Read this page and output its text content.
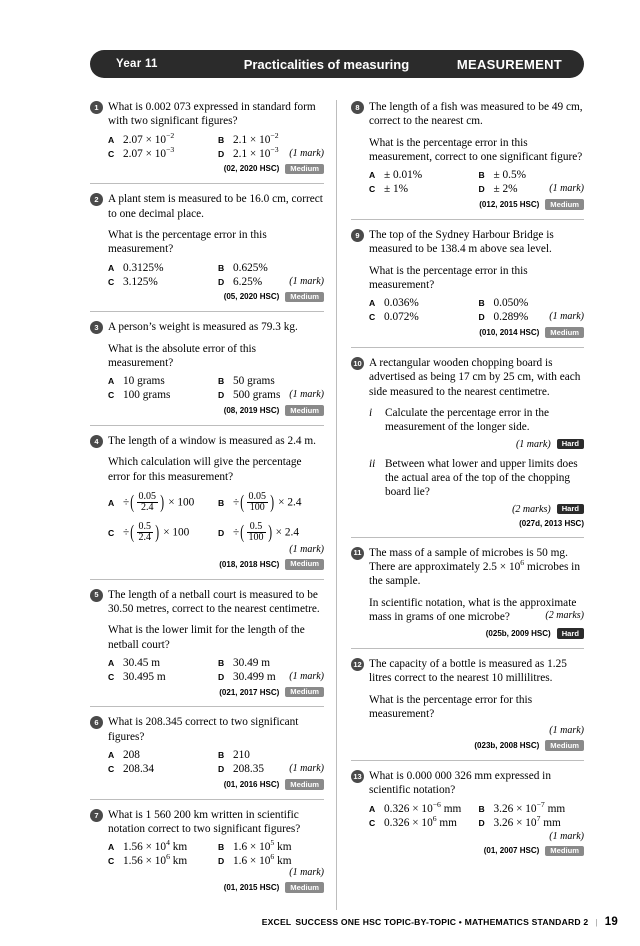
Year 11	Practicalities of measuring	MEASUREMENT
1 What is 0.002 073 expressed in standard form with two significant figures?
A $2.07 \times 10^{-2}$	B $2.1 \times 10^{-2}$
C $2.07 \times 10^{-3}$	D $2.1 \times 10^{-3}$ (1 mark)
(02, 2020 HSC)	Medium
2 A plant stem is measured to be 16.0 cm, correct to one decimal place.
What is the percentage error in this measurement?
A 0.3125%	B 0.625%
C 3.125%	D 6.25%	(1 mark)
(05, 2020 HSC)	Medium
3 A person’s weight is measured as 79.3 kg.
What is the absolute error of this measurement?
A 10 grams	B 50 grams
C 100 grams	D 500 grams (1 mark)
(08, 2019 HSC)	Medium
4 The length of a window is measured as 2.4 m.
Which calculation will give the percentage error for this measurement?
A ÷( $\frac{0.05}{2.4}$ ) × 100	B ÷( $\frac{0.05}{100}$ ) × 2.4
C ÷( $\frac{0.5}{2.4}$ ) × 100	D ÷( $\frac{0.5}{100}$ ) × 2.4
(1 mark)
(018, 2018 HSC)	Medium
5 The length of a netball court is measured to be 30.50 metres, correct to the nearest centimetre.
What is the lower limit for the length of the netball court?
A 30.45 m	B 30.49 m
C 30.495 m	D 30.499 m (1 mark)
(021, 2017 HSC)	Medium
6 What is 208.345 correct to two significant figures?
A 208	B 210
C 208.34	D 208.35	(1 mark)
(01, 2016 HSC)	Medium
7 What is 1 560 200 km written in scientific notation correct to two significant figures?
A $1.56 \times 10^4$ km	B $1.6 \times 10^5$ km
C $1.56 \times 10^6$ km	D $1.6 \times 10^6$ km
(1 mark)
(01, 2015 HSC)	Medium
8 The length of a fish was measured to be 49 cm, correct to the nearest cm.
What is the percentage error in this measurement, correct to one significant figure?
A ± 0.01%	B ± 0.5%
C ± 1%	D ± 2%	(1 mark)
(012, 2015 HSC)	Medium
9 The top of the Sydney Harbour Bridge is measured to be 138.4 m above sea level.
What is the percentage error in this measurement?
A 0.036%	B 0.050%
C 0.072%	D 0.289% (1 mark)
(010, 2014 HSC)	Medium
10 A rectangular wooden chopping board is advertised as being 17 cm by 25 cm, with each side measured to the nearest centimetre.
i	Calculate the percentage error in the measurement of the longer side.
(1 mark)	Hard
ii Between what lower and upper limits does the actual area of the top of the chopping board lie?
(2 marks)	Hard
(027d, 2013 HSC)
11 The mass of a sample of microbes is 50 mg. There are approximately $2.5 \times 10^6$ microbes in the sample.
In scientific notation, what is the approximate mass in grams of one microbe?	(2 marks)
(025b, 2009 HSC)	Hard
12 The capacity of a bottle is measured as 1.25 litres correct to the nearest 10 millilitres.
What is the percentage error for this measurement?
(1 mark)
(023b, 2008 HSC)	Medium
13 What is 0.000 000 326 mm expressed in scientific notation?
A $0.326 \times 10^{-6}$ mm	B $3.26 \times 10^{-7}$ mm
C $0.326 \times 10^6$ mm	D $3.26 \times 10^7$ mm
(1 mark)
(01, 2007 HSC)	Medium
EXCEL SUCCESS ONE HSC TOPIC-BY-TOPIC • MATHEMATICS STANDARD 2 | 19
